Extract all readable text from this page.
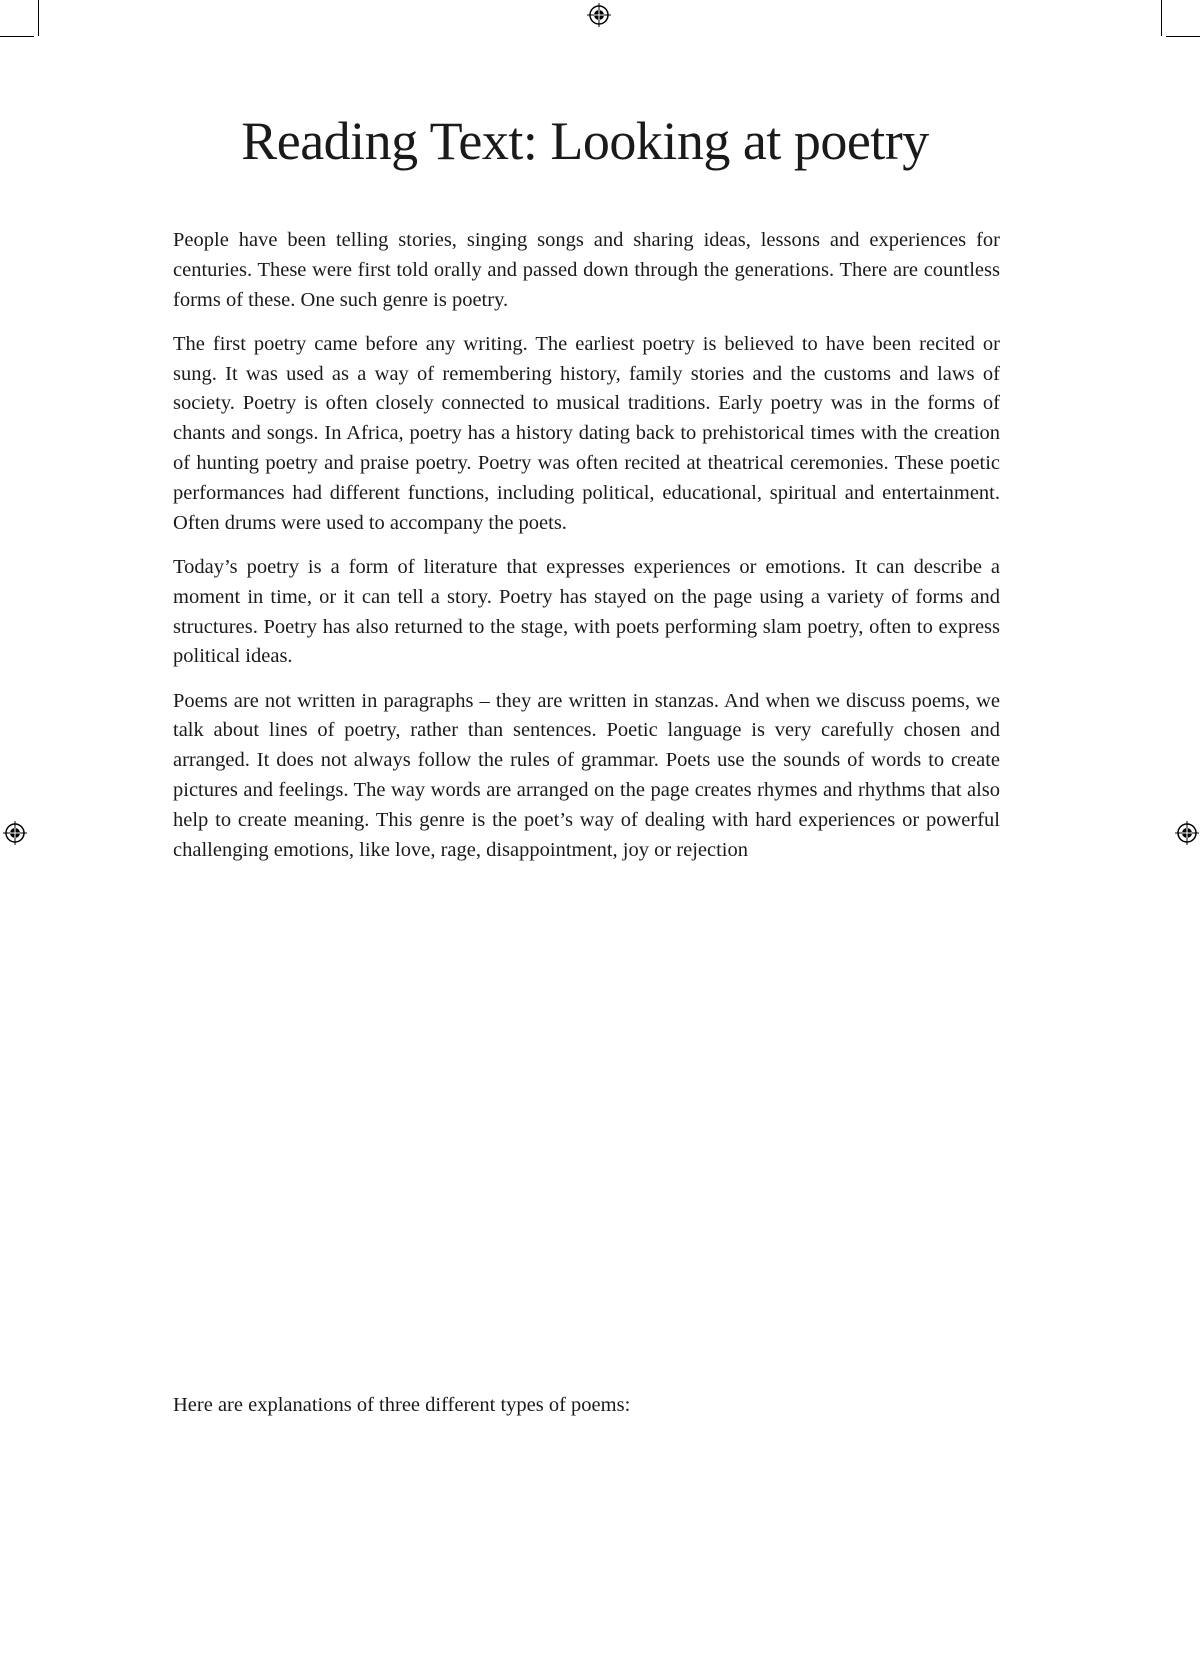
Reading Text: Looking at poetry

People have been telling stories, singing songs and sharing ideas, lessons and experiences for centuries. These were first told orally and passed down through the generations. There are countless forms of these. One such genre is poetry.

The first poetry came before any writing. The earliest poetry is believed to have been recited or sung. It was used as a way of remembering history, family stories and the customs and laws of society. Poetry is often closely connected to musical traditions. Early poetry was in the forms of chants and songs. In Africa, poetry has a history dating back to prehistorical times with the creation of hunting poetry and praise poetry. Poetry was often recited at theatrical ceremonies. These poetic performances had different functions, including political, educational, spiritual and entertainment. Often drums were used to accompany the poets.

Today’s poetry is a form of literature that expresses experiences or emotions. It can describe a moment in time, or it can tell a story. Poetry has stayed on the page using a variety of forms and structures. Poetry has also returned to the stage, with poets performing slam poetry, often to express political ideas.

Poems are not written in paragraphs – they are written in stanzas. And when we discuss poems, we talk about lines of poetry, rather than sentences. Poetic language is very carefully chosen and arranged. It does not always follow the rules of grammar. Poets use the sounds of words to create pictures and feelings. The way words are arranged on the page creates rhymes and rhythms that also help to create meaning. This genre is the poet’s way of dealing with hard experiences or powerful challenging emotions, like love, rage, disappointment, joy or rejection

Here are explanations of three different types of poems:
